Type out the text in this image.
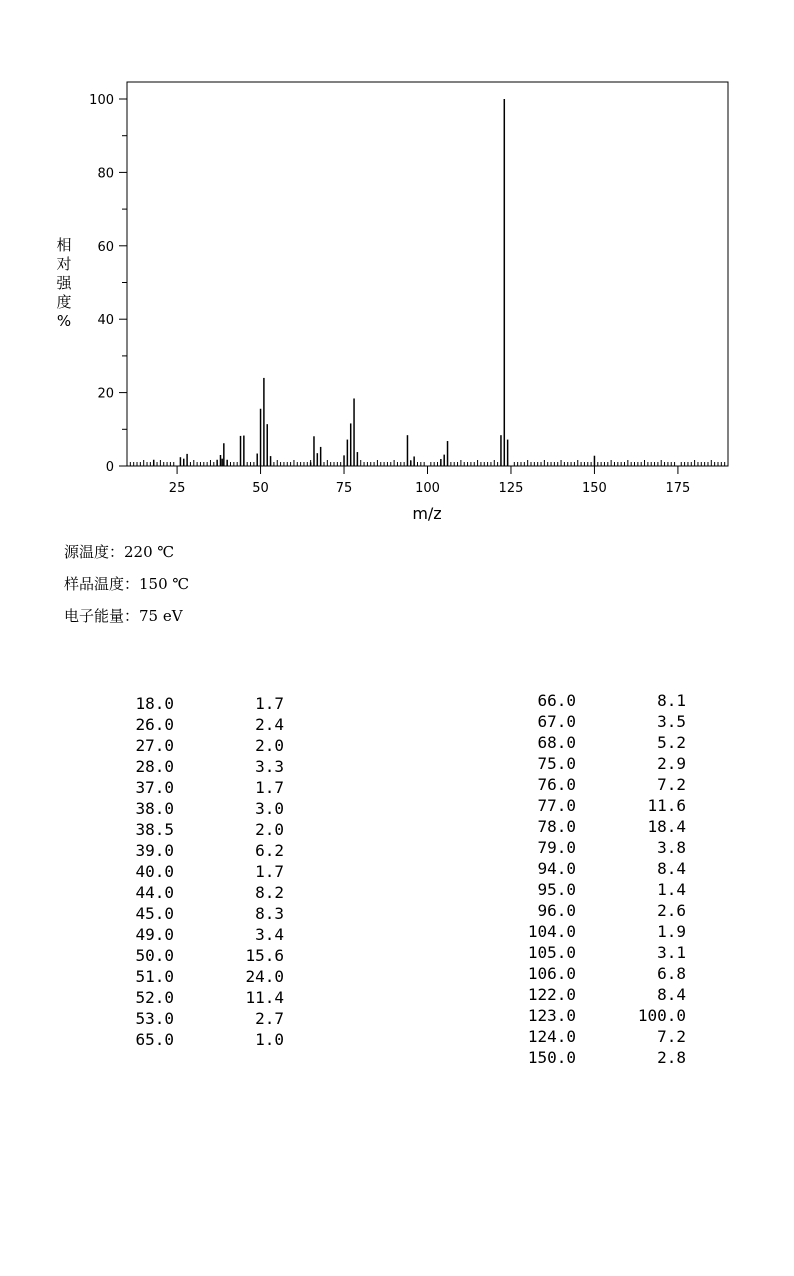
0
20
40
60
80
100
25	50	75	100	125	150	175
m/z
相
对
强
度
%
源温度：220 ℃
样品温度：150 ℃
电子能量：75 eV
18.0	1.7
26.0	2.4
27.0	2.0
28.0	3.3
37.0	1.7
38.0	3.0
38.5	2.0
39.0	6.2
40.0	1.7
44.0	8.2
45.0	8.3
49.0	3.4
50.0	15.6
51.0	24.0
52.0	11.4
53.0	2.7
65.0	1.0
66.0	8.1
67.0	3.5
68.0	5.2
75.0	2.9
76.0	7.2
77.0	11.6
78.0	18.4
79.0	3.8
94.0	8.4
95.0	1.4
96.0	2.6
104.0	1.9
105.0	3.1
106.0	6.8
122.0	8.4
123.0	100.0
124.0	7.2
150.0	2.8
